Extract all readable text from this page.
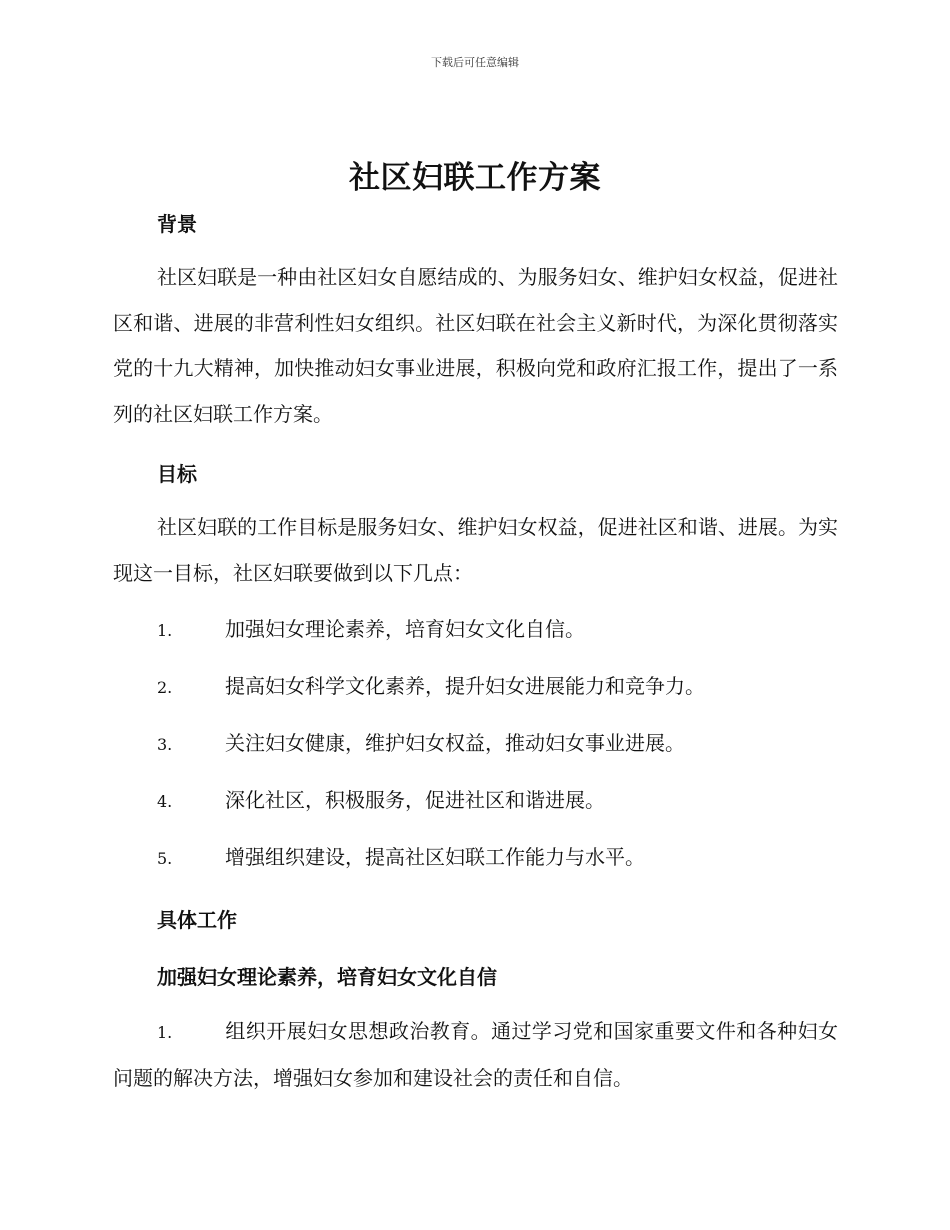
下载后可任意编辑
社区妇联工作方案
背景
社区妇联是一种由社区妇女自愿结成的、为服务妇女、维护妇女权益，促进社区和谐、进展的非营利性妇女组织。社区妇联在社会主义新时代，为深化贯彻落实党的十九大精神，加快推动妇女事业进展，积极向党和政府汇报工作，提出了一系列的社区妇联工作方案。
目标
社区妇联的工作目标是服务妇女、维护妇女权益，促进社区和谐、进展。为实现这一目标，社区妇联要做到以下几点：
1.	加强妇女理论素养，培育妇女文化自信。
2.	提高妇女科学文化素养，提升妇女进展能力和竞争力。
3.	关注妇女健康，维护妇女权益，推动妇女事业进展。
4.	深化社区，积极服务，促进社区和谐进展。
5.	增强组织建设，提高社区妇联工作能力与水平。
具体工作
加强妇女理论素养，培育妇女文化自信
1.	组织开展妇女思想政治教育。通过学习党和国家重要文件和各种妇女问题的解决方法，增强妇女参加和建设社会的责任和自信。
